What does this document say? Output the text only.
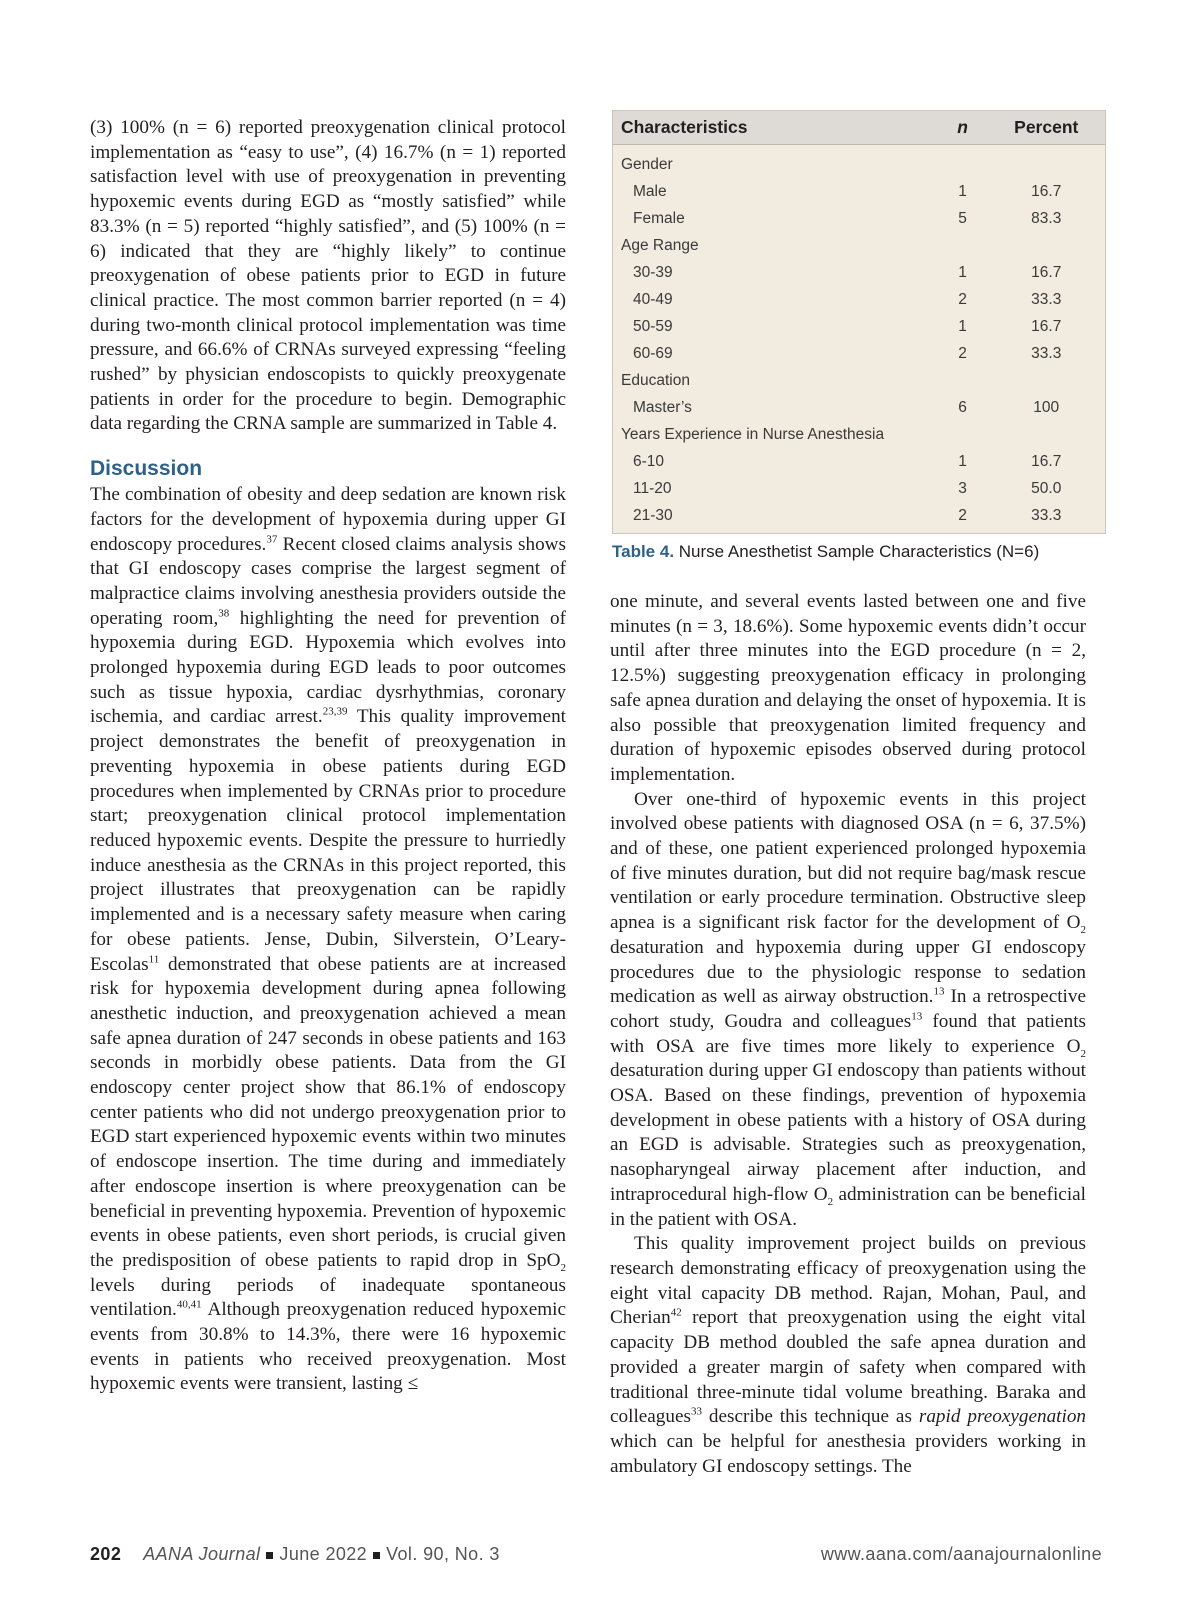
(3) 100% (n = 6) reported preoxygenation clinical protocol implementation as “easy to use”, (4) 16.7% (n = 1) reported satisfaction level with use of preoxygenation in preventing hypoxemic events during EGD as “mostly satisfied” while 83.3% (n = 5) reported “highly satisfied”, and (5) 100% (n = 6) indicated that they are “highly likely” to continue preoxygenation of obese patients prior to EGD in future clinical practice. The most common barrier reported (n = 4) during two-month clinical protocol implementation was time pressure, and 66.6% of CRNAs surveyed expressing “feeling rushed” by physician endoscopists to quickly preoxygenate patients in order for the procedure to begin. Demographic data regarding the CRNA sample are summarized in Table 4.

Discussion

The combination of obesity and deep sedation are known risk factors for the development of hypoxemia during upper GI endoscopy procedures.$^{37}$ Recent closed claims analysis shows that GI endoscopy cases comprise the largest segment of malpractice claims involving anesthesia providers outside the operating room,$^{38}$ highlighting the need for prevention of hypoxemia during EGD. Hypoxemia which evolves into prolonged hypoxemia during EGD leads to poor outcomes such as tissue hypoxia, cardiac dysrhythmias, coronary ischemia, and cardiac arrest.$^{23,39}$ This quality improvement project demonstrates the benefit of preoxygenation in preventing hypoxemia in obese patients during EGD procedures when implemented by CRNAs prior to procedure start; preoxygenation clinical protocol implementation reduced hypoxemic events. Despite the pressure to hurriedly induce anesthesia as the CRNAs in this project reported, this project illustrates that preoxygenation can be rapidly implemented and is a necessary safety measure when caring for obese patients. Jense, Dubin, Silverstein, O’Leary-Escolas$^{11}$ demonstrated that obese patients are at increased risk for hypoxemia development during apnea following anesthetic induction, and preoxygenation achieved a mean safe apnea duration of 247 seconds in obese patients and 163 seconds in morbidly obese patients. Data from the GI endoscopy center project show that 86.1% of endoscopy center patients who did not undergo preoxygenation prior to EGD start experienced hypoxemic events within two minutes of endoscope insertion. The time during and immediately after endoscope insertion is where preoxygenation can be beneficial in preventing hypoxemia. Prevention of hypoxemic events in obese patients, even short periods, is crucial given the predisposition of obese patients to rapid drop in SpO$_2$ levels during periods of inadequate spontaneous ventilation.$^{40,41}$ Although preoxygenation reduced hypoxemic events from 30.8% to 14.3%, there were 16 hypoxemic events in patients who received preoxygenation. Most hypoxemic events were transient, lasting ≤

Characteristics	n	Percent
Gender
Male	1	16.7
Female	5	83.3
Age Range
30-39	1	16.7
40-49	2	33.3
50-59	1	16.7
60-69	2	33.3
Education
Master’s	6	100
Years Experience in Nurse Anesthesia
6-10	1	16.7
11-20	3	50.0
21-30	2	33.3
Table 4. Nurse Anesthetist Sample Characteristics (N=6)

one minute, and several events lasted between one and five minutes (n = 3, 18.6%). Some hypoxemic events didn’t occur until after three minutes into the EGD procedure (n = 2, 12.5%) suggesting preoxygenation efficacy in prolonging safe apnea duration and delaying the onset of hypoxemia. It is also possible that preoxygenation limited frequency and duration of hypoxemic episodes observed during protocol implementation.

Over one-third of hypoxemic events in this project involved obese patients with diagnosed OSA (n = 6, 37.5%) and of these, one patient experienced prolonged hypoxemia of five minutes duration, but did not require bag/mask rescue ventilation or early procedure termination. Obstructive sleep apnea is a significant risk factor for the development of $O_2$ desaturation and hypoxemia during upper GI endoscopy procedures due to the physiologic response to sedation medication as well as airway obstruction.$^{13}$ In a retrospective cohort study, Goudra and colleagues$^{13}$ found that patients with OSA are five times more likely to experience $O_2$ desaturation during upper GI endoscopy than patients without OSA. Based on these findings, prevention of hypoxemia development in obese patients with a history of OSA during an EGD is advisable. Strategies such as preoxygenation, nasopharyngeal airway placement after induction, and intraprocedural high-flow $O_2$ administration can be beneficial in the patient with OSA.

This quality improvement project builds on previous research demonstrating efficacy of preoxygenation using the eight vital capacity DB method. Rajan, Mohan, Paul, and Cherian$^{42}$ report that preoxygenation using the eight vital capacity DB method doubled the safe apnea duration and provided a greater margin of safety when compared with traditional three-minute tidal volume breathing. Baraka and colleagues$^{33}$ describe this technique as rapid preoxygenation which can be helpful for anesthesia providers working in ambulatory GI endoscopy settings. The

202 AANA Journal June 2022 Vol. 90, No. 3	www.aana.com/aanajournalonline
